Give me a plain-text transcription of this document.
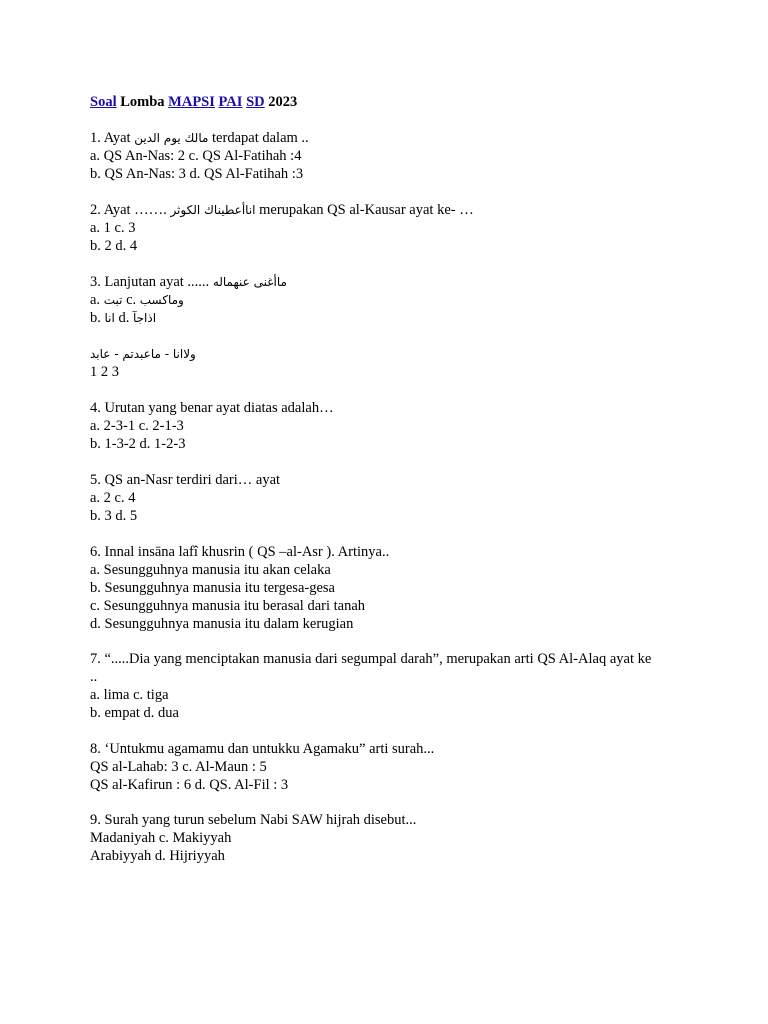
Soal Lomba MAPSI PAI SD 2023
1. Ayat مالك يوم الدين terdapat dalam ..
a. QS An-Nas: 2 c. QS Al-Fatihah :4
b. QS An-Nas: 3 d. QS Al-Fatihah :3
2. Ayat ……. اناأعطيناك الكوثر merupakan QS al-Kausar ayat ke- …
a. 1 c. 3
b. 2 d. 4
3. Lanjutan ayat ...... ماأغنى عنهماله
a. تبت c. وماكسب
b. انا d. اذاجآ
ولاانا - ماعبدتم - عابد
1 2 3
4. Urutan yang benar ayat diatas adalah…
a. 2-3-1 c. 2-1-3
b. 1-3-2 d. 1-2-3
5. QS an-Nasr terdiri dari… ayat
a. 2 c. 4
b. 3 d. 5
6. Innal insāna lafî khusrin ( QS –al-Asr ). Artinya..
a. Sesungguhnya manusia itu akan celaka
b. Sesungguhnya manusia itu tergesa-gesa
c. Sesungguhnya manusia itu berasal dari tanah
d. Sesungguhnya manusia itu dalam kerugian
7. “.....Dia yang menciptakan manusia dari segumpal darah”, merupakan arti QS Al-Alaq ayat ke
..
a. lima c. tiga
b. empat d. dua
8. ‘Untukmu agamamu dan untukku Agamaku” arti surah...
QS al-Lahab: 3 c. Al-Maun : 5
QS al-Kafirun : 6 d. QS. Al-Fil : 3
9. Surah yang turun sebelum Nabi SAW hijrah disebut...
Madaniyah c. Makiyyah
Arabiyyah d. Hijriyyah
